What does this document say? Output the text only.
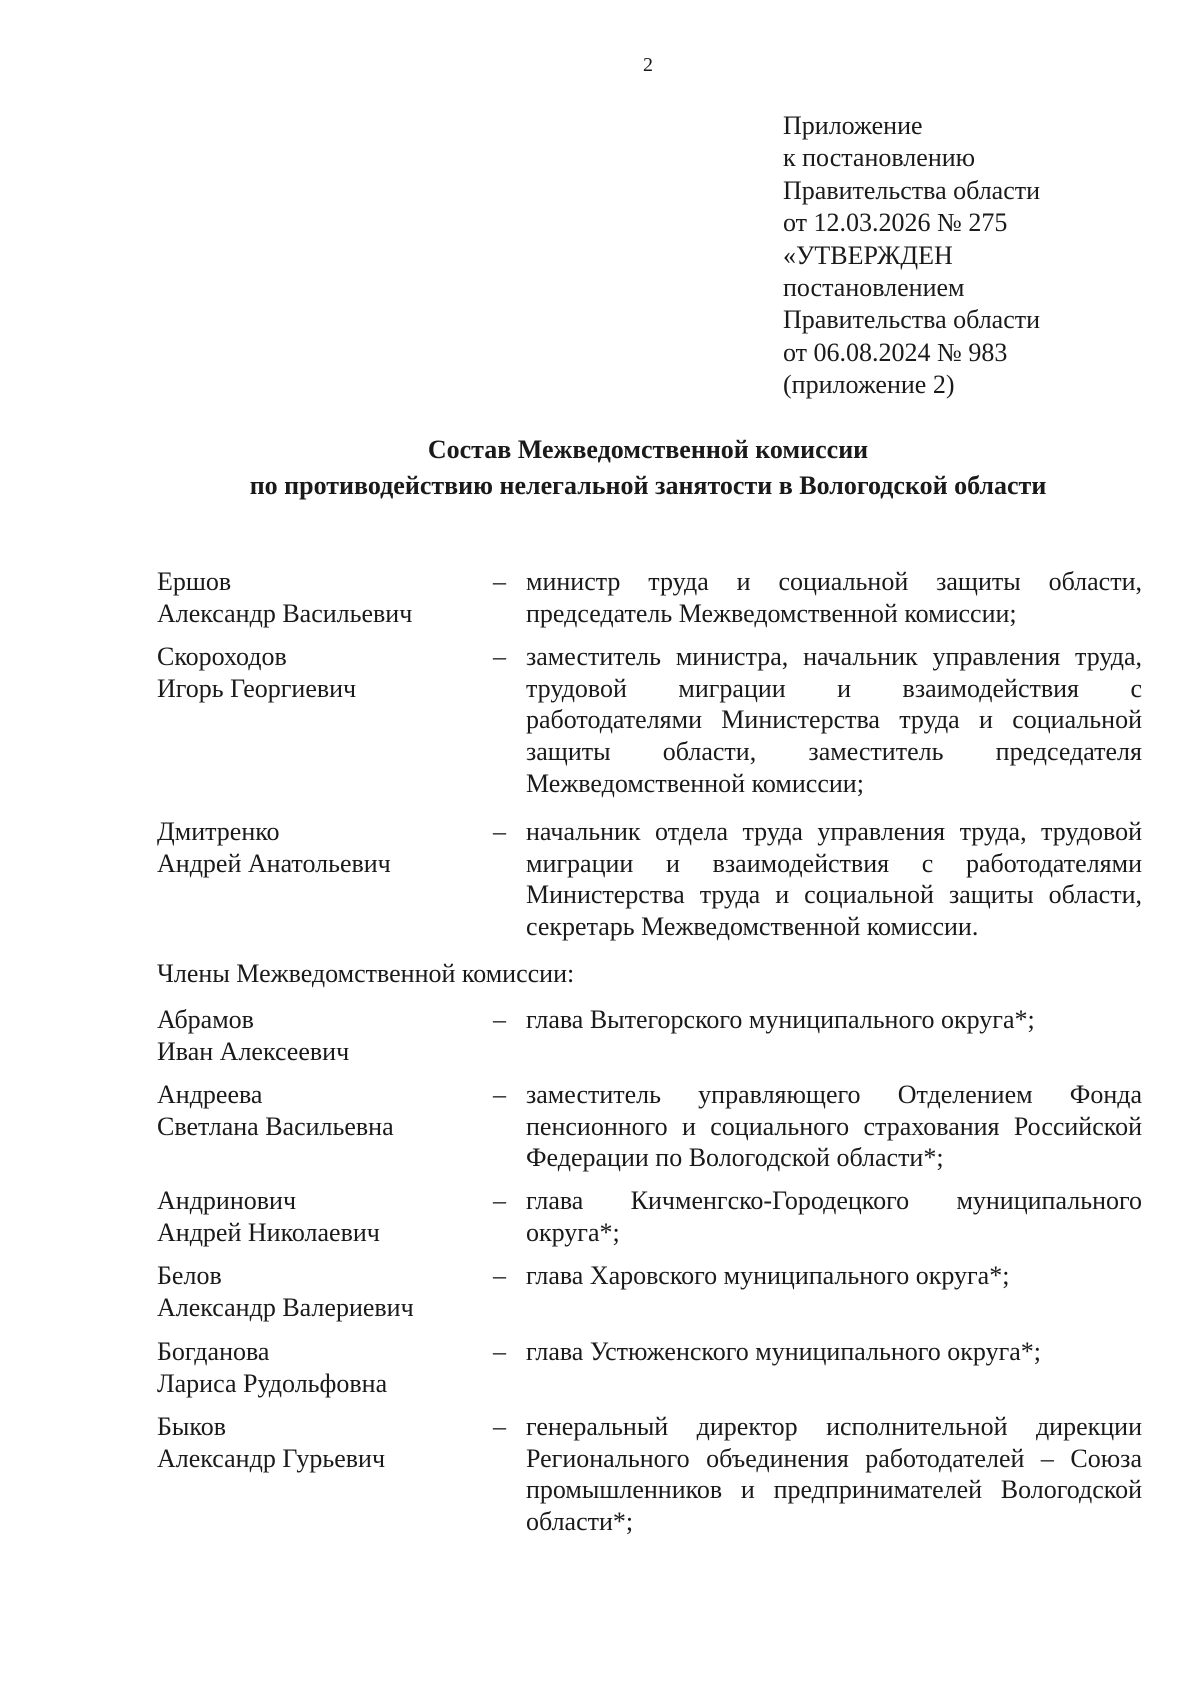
2
Приложение
к постановлению
Правительства области
от 12.03.2026 № 275
«УТВЕРЖДЕН
постановлением
Правительства области
от 06.08.2024 № 983
(приложение 2)
Состав Межведомственной комиссии
по противодействию нелегальной занятости в Вологодской области
Ершов
Александр Васильевич
– министр труда и социальной защиты области, председатель Межведомственной комиссии;
Скороходов
Игорь Георгиевич
– заместитель министра, начальник управления труда, трудовой миграции и взаимодействия с работодателями Министерства труда и социальной защиты области, заместитель председателя Межведомственной комиссии;
Дмитренко
Андрей Анатольевич
– начальник отдела труда управления труда, трудовой миграции и взаимодействия с работодателями Министерства труда и социальной защиты области, секретарь Межведомственной комиссии.
Члены Межведомственной комиссии:
Абрамов
Иван Алексеевич
– глава Вытегорского муниципального округа*;
Андреева
Светлана Васильевна
– заместитель управляющего Отделением Фонда пенсионного и социального страхования Российской Федерации по Вологодской области*;
Андринович
Андрей Николаевич
– глава Кичменгско-Городецкого муниципального округа*;
Белов
Александр Валериевич
– глава Харовского муниципального округа*;
Богданова
Лариса Рудольфовна
– глава Устюженского муниципального округа*;
Быков
Александр Гурьевич
– генеральный директор исполнительной дирекции Регионального объединения работодателей – Союза промышленников и предпринимателей Вологодской области*;
